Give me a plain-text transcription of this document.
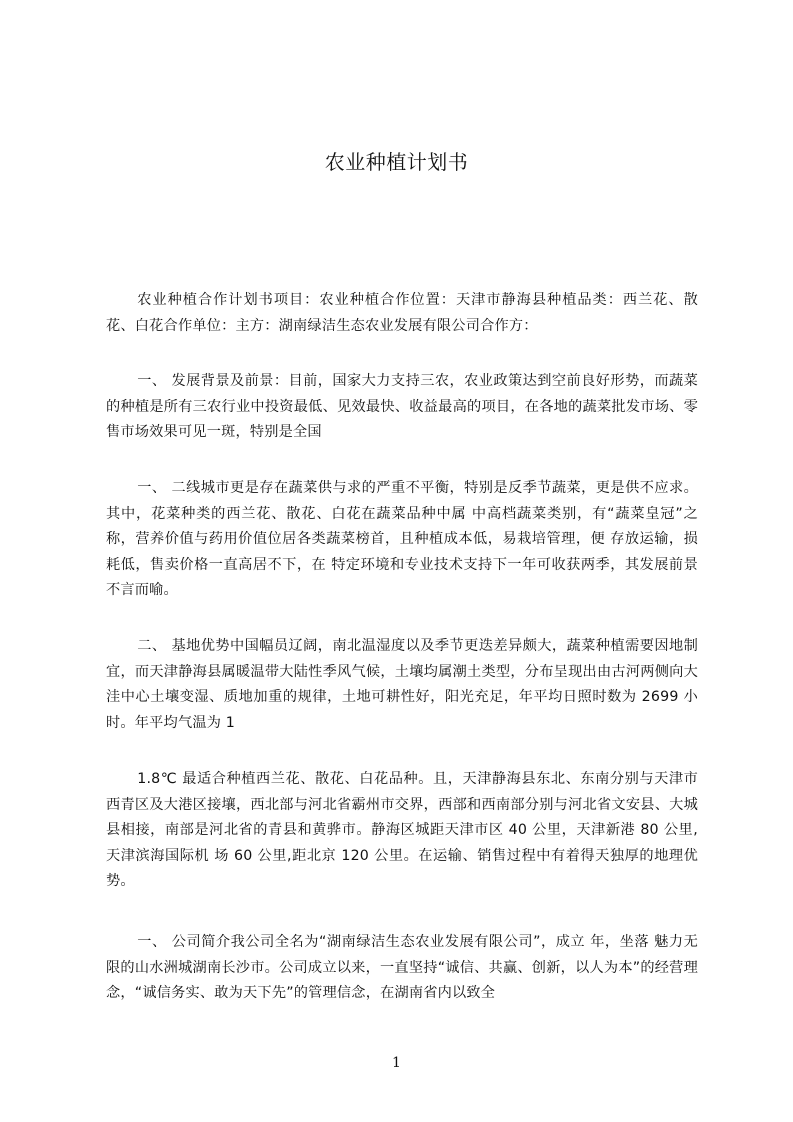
农业种植计划书
农业种植合作计划书项目：农业种植合作位置：天津市静海县种植品类：西兰花、散花、白花合作单位：主方：湖南绿洁生态农业发展有限公司合作方：
一、 发展背景及前景：目前，国家大力支持三农，农业政策达到空前良好形势，而蔬菜的种植是所有三农行业中投资最低、见效最快、收益最高的项目，在各地的蔬菜批发市场、零售市场效果可见一斑，特别是全国
一、 二线城市更是存在蔬菜供与求的严重不平衡，特别是反季节蔬菜，更是供不应求。其中，花菜种类的西兰花、散花、白花在蔬菜品种中属 中高档蔬菜类别，有“蔬菜皇冠”之称，营养价值与药用价值位居各类蔬菜榜首，且种植成本低，易栽培管理，便 存放运输，损耗低，售卖价格一直高居不下，在 特定环境和专业技术支持下一年可收获两季，其发展前景不言而喻。
二、 基地优势中国幅员辽阔，南北温湿度以及季节更迭差异颇大，蔬菜种植需要因地制宜，而天津静海县属暖温带大陆性季风气候，土壤均属潮土类型，分布呈现出由古河两侧向大洼中心土壤变湿、质地加重的规律，土地可耕性好，阳光充足，年平均日照时数为 2699 小时。年平均气温为 1
1.8℃ 最适合种植西兰花、散花、白花品种。且，天津静海县东北、东南分别与天津市西青区及大港区接壤，西北部与河北省霸州市交界，西部和西南部分别与河北省文安县、大城县相接，南部是河北省的青县和黄骅市。静海区城距天津市区 40 公里，天津新港 80 公里,天津滨海国际机 场 60 公里,距北京 120 公里。在运输、销售过程中有着得天独厚的地理优势。
一、 公司简介我公司全名为“湖南绿洁生态农业发展有限公司”，成立 年，坐落 魅力无限的山水洲城湖南长沙市。公司成立以来，一直坚持“诚信、共赢、创新，以人为本”的经营理念，“诚信务实、敢为天下先”的管理信念，在湖南省内以致全
1
